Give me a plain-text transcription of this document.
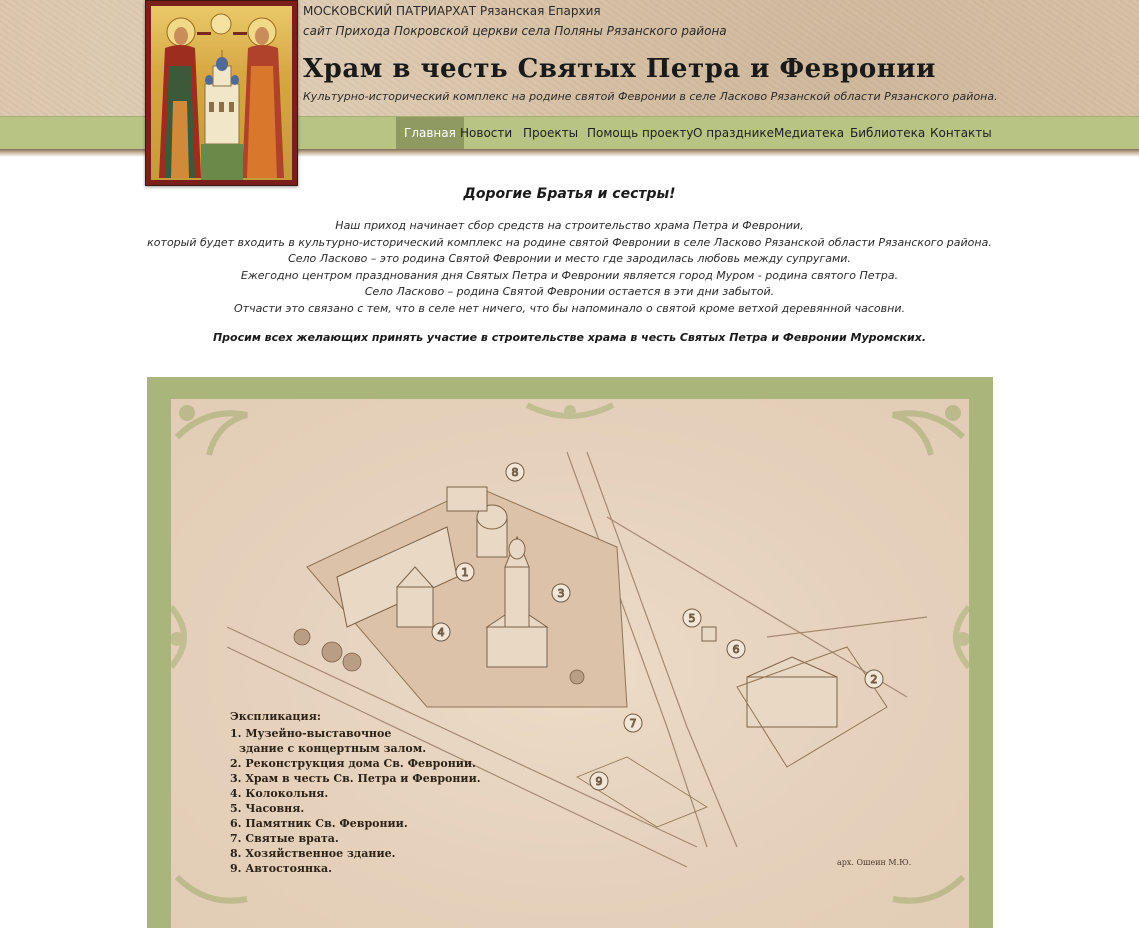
Главная Новости Проекты Помощь проекту О празднике Медиатека Библиотека Контакты
МОСКОВСКИЙ ПАТРИАРХАТ Рязанская Епархия
сайт Прихода Покровской церкви села Поляны Рязанского района
Храм в честь Святых Петра и Февронии
Культурно-исторический комплекс на родине святой Февронии в селе Ласково Рязанской области Рязанского района.
Дорогие Братья и сестры!
Наш приход начинает сбор средств на строительство храма Петра и Февронии,
который будет входить в культурно-исторический комплекс на родине святой Февронии в селе Ласково Рязанской области Рязанского района.
Село Ласково – это родина Святой Февронии и место где зародилась любовь между супругами.
Ежегодно центром празднования дня Святых Петра и Февронии является город Муром - родина святого Петра.
Село Ласково – родина Святой Февронии остается в эти дни забытой.
Отчасти это связано с тем, что в селе нет ничего, что бы напоминало о святой кроме ветхой деревянной часовни.
Просим всех желающих принять участие в строительстве храма в честь Святых Петра и Февронии Муромских.
8
1
3
4
5
6
2
7
9
Экспликация:
1. Музейно-выставочное
здание с концертным залом.
2. Реконструкция дома Св. Февронии.
3. Храм в честь Св. Петра и Февронии.
4. Колокольня.
5. Часовня.
6. Памятник Св. Февронии.
7. Святые врата.
8. Хозяйственное здание.
9. Автостоянка.	арх. Ошеин М.Ю.
